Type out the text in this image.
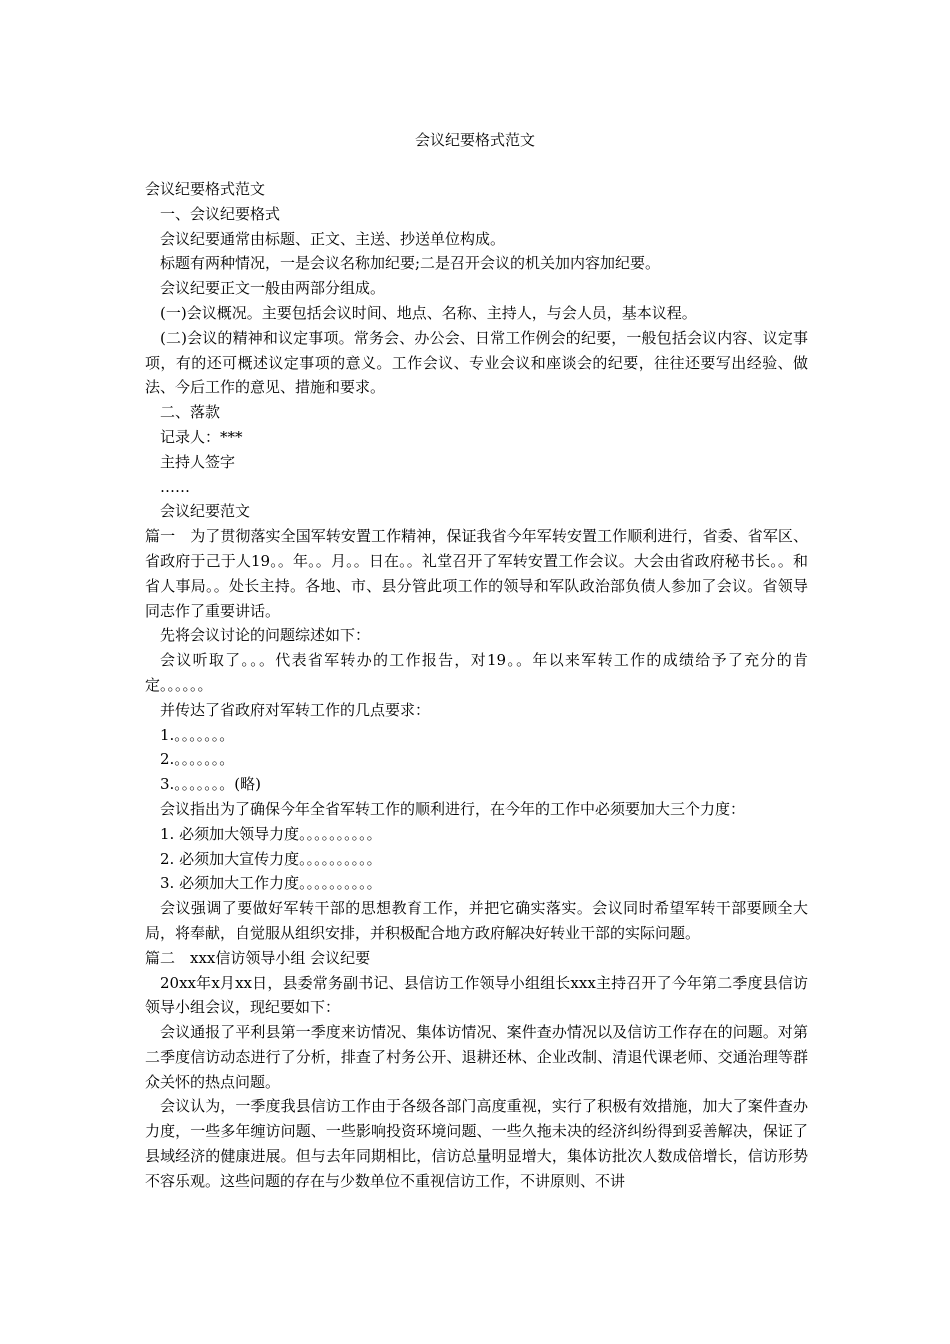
会议纪要格式范文

会议纪要格式范文

一、会议纪要格式

会议纪要通常由标题、正文、主送、抄送单位构成。

标题有两种情况，一是会议名称加纪要;二是召开会议的机关加内容加纪要。

会议纪要正文一般由两部分组成。

(一)会议概况。主要包括会议时间、地点、名称、主持人，与会人员，基本议程。

(二)会议的精神和议定事项。常务会、办公会、日常工作例会的纪要，一般包括会议内容、议定事项，有的还可概述议定事项的意义。工作会议、专业会议和座谈会的纪要，往往还要写出经验、做法、今后工作的意见、措施和要求。

二、落款

记录人：***

主持人签字

……

会议纪要范文

篇一　为了贯彻落实全国军转安置工作精神，保证我省今年军转安置工作顺利进行，省委、省军区、省政府于己于人19。。年。。月。。日在。。礼堂召开了军转安置工作会议。大会由省政府秘书长。。和省人事局。。处长主持。各地、市、县分管此项工作的领导和军队政治部负债人参加了会议。省领导同志作了重要讲话。

先将会议讨论的问题综述如下：

会议听取了。。。代表省军转办的工作报告，对19。。年以来军转工作的成绩给予了充分的肯定。。。。。。

并传达了省政府对军转工作的几点要求：

1.。。。。。。。

2.。。。。。。。

3.。。。。。。。(略)

会议指出为了确保今年全省军转工作的顺利进行，在今年的工作中必须要加大三个力度：

1. 必须加大领导力度。。。。。。。。。。

2. 必须加大宣传力度。。。。。。。。。。

3. 必须加大工作力度。。。。。。。。。。

会议强调了要做好军转干部的思想教育工作，并把它确实落实。会议同时希望军转干部要顾全大局，将奉献，自觉服从组织安排，并积极配合地方政府解决好转业干部的实际问题。

篇二　xxx信访领导小组 会议纪要

20xx年x月xx日，县委常务副书记、县信访工作领导小组组长xxx主持召开了今年第二季度县信访领导小组会议，现纪要如下：

会议通报了平利县第一季度来访情况、集体访情况、案件查办情况以及信访工作存在的问题。对第二季度信访动态进行了分析，排查了村务公开、退耕还林、企业改制、清退代课老师、交通治理等群众关怀的热点问题。

会议认为，一季度我县信访工作由于各级各部门高度重视，实行了积极有效措施，加大了案件查办力度，一些多年缠访问题、一些影响投资环境问题、一些久拖未决的经济纠纷得到妥善解决，保证了县域经济的健康进展。但与去年同期相比，信访总量明显增大，集体访批次人数成倍增长，信访形势不容乐观。这些问题的存在与少数单位不重视信访工作，不讲原则、不讲
